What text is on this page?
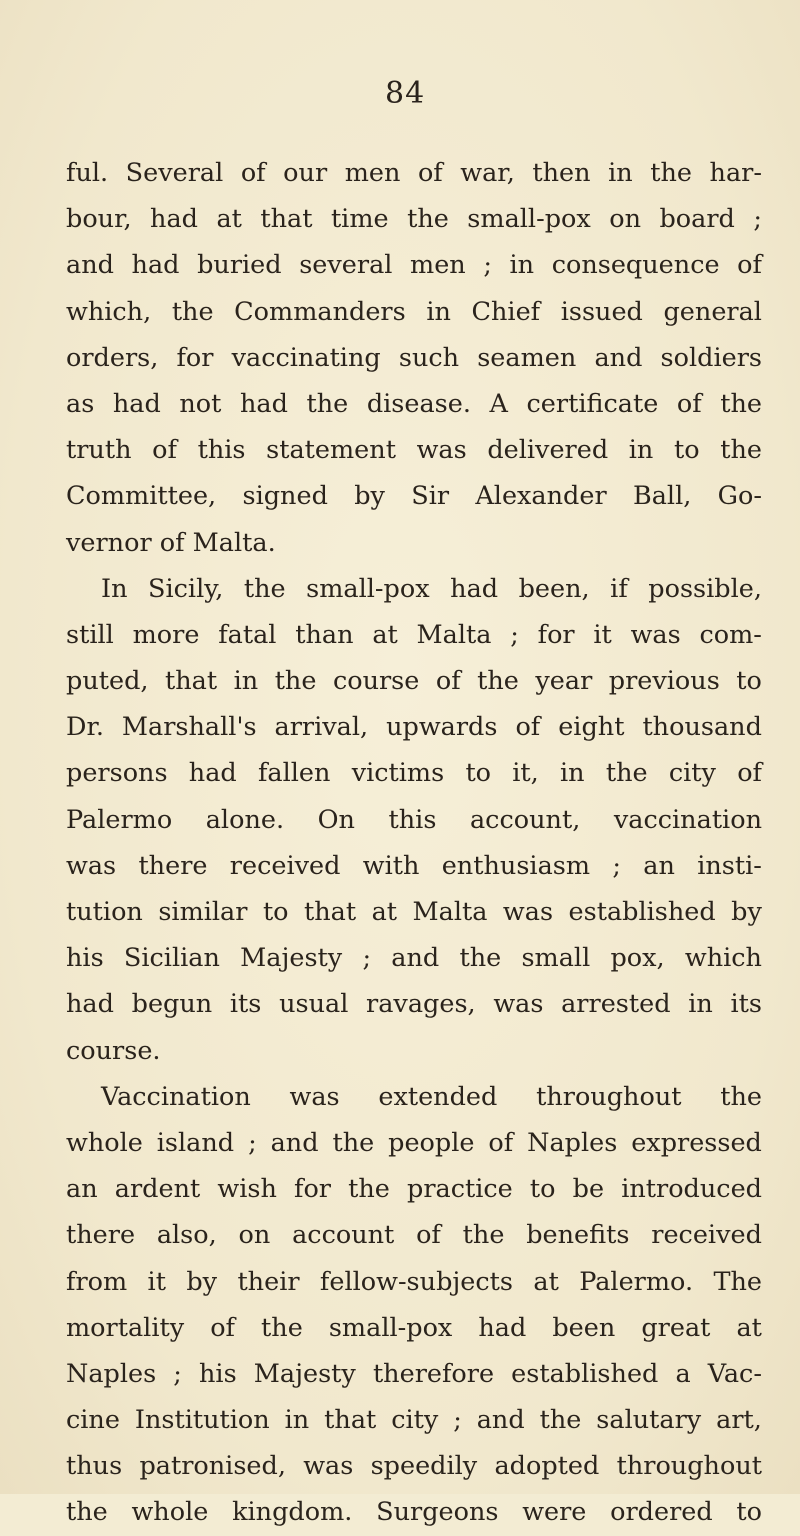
84
ful. Several of our men of war, then in the har-
bour, had at that time the small-pox on board ;
and had buried several men ; in consequence of
which, the Commanders in Chief issued general
orders, for vaccinating such seamen and soldiers
as had not had the disease. A certificate of the
truth of this statement was delivered in to the
Committee, signed by Sir Alexander Ball, Go-
vernor of Malta.
In Sicily, the small-pox had been, if possible,
still more fatal than at Malta ; for it was com-
puted, that in the course of the year previous to
Dr. Marshall's arrival, upwards of eight thousand
persons had fallen victims to it, in the city of
Palermo alone. On this account, vaccination
was there received with enthusiasm ; an insti-
tution similar to that at Malta was established by
his Sicilian Majesty ; and the small pox, which
had begun its usual ravages, was arrested in its
course.
Vaccination was extended throughout the
whole island ; and the people of Naples expressed
an ardent wish for the practice to be introduced
there also, on account of the benefits received
from it by their fellow-subjects at Palermo. The
mortality of the small-pox had been great at
Naples ; his Majesty therefore established a Vac-
cine Institution in that city ; and the salutary art,
thus patronised, was speedily adopted throughout
the whole kingdom. Surgeons were ordered to
